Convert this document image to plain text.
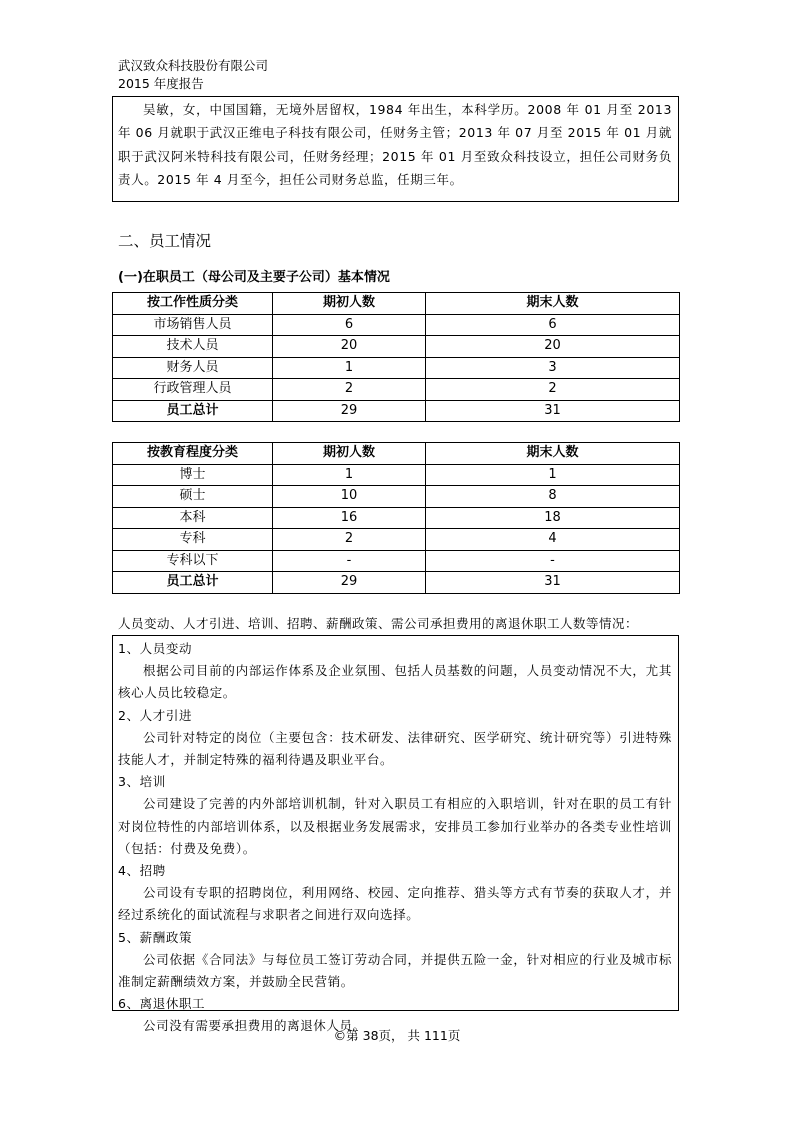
武汉致众科技股份有限公司
2015 年度报告

吴敏，女，中国国籍，无境外居留权，1984 年出生，本科学历。2008 年 01 月至 2013 年 06 月就职于武汉正维电子科技有限公司，任财务主管；2013 年 07 月至 2015 年 01 月就职于武汉阿米特科技有限公司，任财务经理；2015 年 01 月至致众科技设立，担任公司财务负责人。2015 年 4 月至今，担任公司财务总监，任期三年。

二、员工情况
(一)在职员工（母公司及主要子公司）基本情况
按工作性质分类	期初人数	期末人数
市场销售人员	6	6
技术人员	20	20
财务人员	1	3
行政管理人员	2	2
员工总计	29	31
按教育程度分类	期初人数	期末人数
博士	1	1
硕士	10	8
本科	16	18
专科	2	4
专科以下	-	-
员工总计	29	31
人员变动、人才引进、培训、招聘、薪酬政策、需公司承担费用的离退休职工人数等情况：

1、人员变动

根据公司目前的内部运作体系及企业氛围、包括人员基数的问题，人员变动情况不大，尤其核心人员比较稳定。

2、人才引进

公司针对特定的岗位（主要包含：技术研发、法律研究、医学研究、统计研究等）引进特殊技能人才，并制定特殊的福利待遇及职业平台。

3、培训

公司建设了完善的内外部培训机制，针对入职员工有相应的入职培训，针对在职的员工有针对岗位特性的内部培训体系，以及根据业务发展需求，安排员工参加行业举办的各类专业性培训（包括：付费及免费）。

4、招聘

公司设有专职的招聘岗位，利用网络、校园、定向推荐、猎头等方式有节奏的获取人才，并经过系统化的面试流程与求职者之间进行双向选择。

5、薪酬政策

公司依据《合同法》与每位员工签订劳动合同，并提供五险一金，针对相应的行业及城市标准制定薪酬绩效方案，并鼓励全民营销。

6、离退休职工

公司没有需要承担费用的离退休人员。

©第 38页， 共 111页
